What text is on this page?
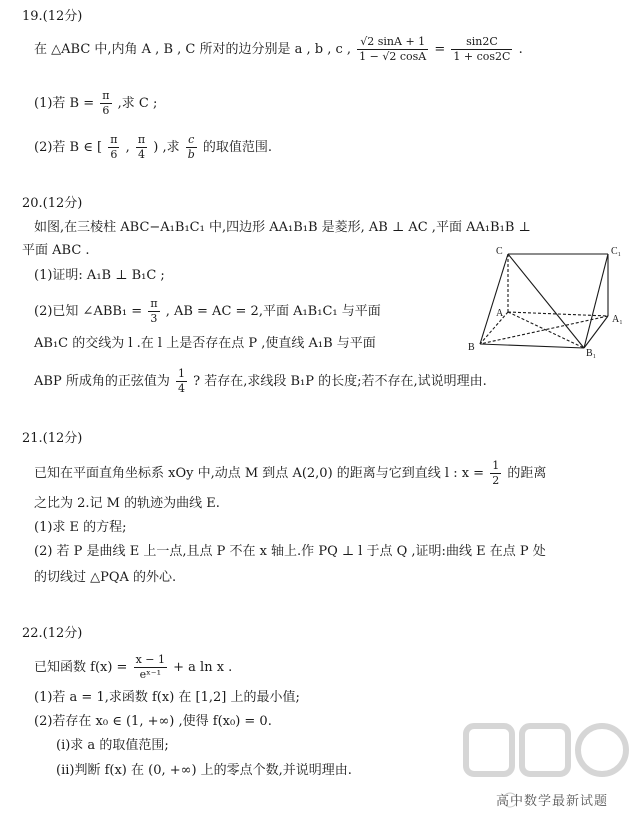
19.(12分)
在 △ABC 中,内角 A , B , C 所对的边分别是 a , b , c , $\frac{√2 \sin A + 1}{1 - √2 \cos A} = \frac{\sin 2C}{1 + \cos 2C}$ .
(1)若 $B = \frac{\pi}{6}$ ,求 C ;
(2)若 B ∈ [ $\frac{\pi}{6}$ , $\frac{\pi}{4}$ ) ,求 $\frac{c}{b}$ 的取值范围.
20.(12分)
如图,在三棱柱 ABC−A₁B₁C₁ 中,四边形 AA₁B₁B 是菱形, AB ⊥ AC ,平面 AA₁B₁B ⊥
平面 ABC .
(1)证明: A₁B ⊥ B₁C ;
(2)已知 ∠ABB₁ = $\frac{\pi}{3}$ , AB = AC = 2,平面 A₁B₁C₁ 与平面
AB₁C 的交线为 l .在 l 上是否存在点 P ,使直线 A₁B 与平面
ABP 所成角的正弦值为 $\frac{1}{4}$ ? 若存在,求线段 B₁P 的长度;若不存在,试说明理由.
C	C₁
A
A₁
B
B₁
21.(12分)
已知在平面直角坐标系 xOy 中,动点 M 到点 A(2,0) 的距离与它到直线 l : $x = \frac{1}{2}$ 的距离
之比为 2.记 M 的轨迹为曲线 E.
(1)求 E 的方程;
(2) 若 P 是曲线 E 上一点,且点 P 不在 x 轴上.作 PQ ⊥ l 于点 Q ,证明:曲线 E 在点 P 处
的切线过 △PQA 的外心.
22.(12分)
已知函数 $f(x) = \frac{x - 1}{\text{eˣ⁻¹}} + a$ ln x .
(1)若 a = 1,求函数 f(x) 在 [1,2] 上的最小值;
(2)若存在 x₀ ∈ (1, +∞) ,使得 f(x₀) = 0.
(i)求 a 的取值范围;
(ii)判断 f(x) 在 (0, +∞) 上的零点个数,并说明理由.
高中数学最新试题
